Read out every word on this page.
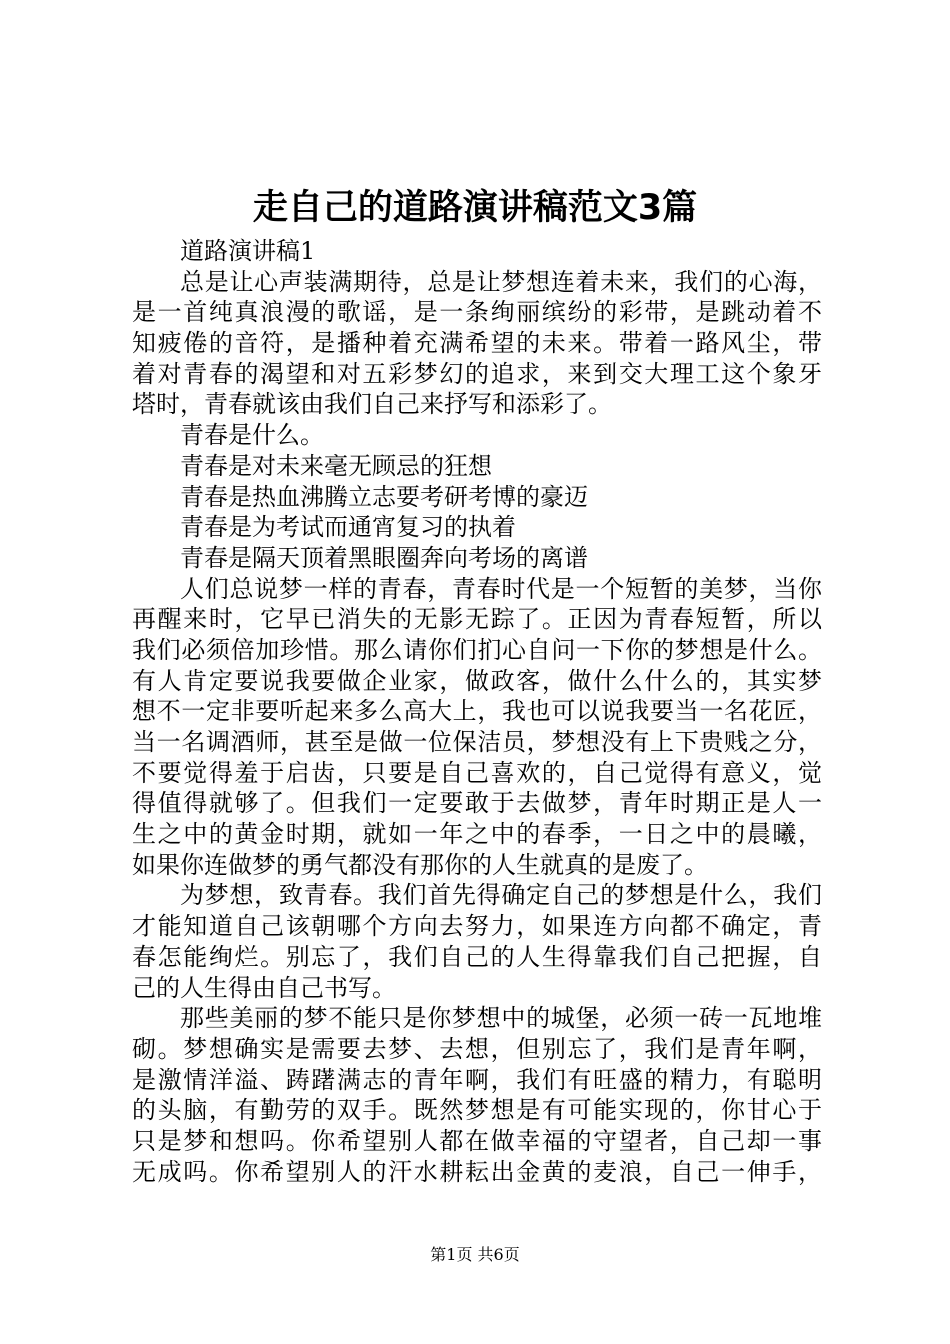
走自己的道路演讲稿范文3篇

道路演讲稿1

总是让心声装满期待，总是让梦想连着未来，我们的心海，

是一首纯真浪漫的歌谣，是一条绚丽缤纷的彩带，是跳动着不

知疲倦的音符，是播种着充满希望的未来。带着一路风尘，带

着对青春的渴望和对五彩梦幻的追求，来到交大理工这个象牙

塔时，青春就该由我们自己来抒写和添彩了。

青春是什么。

青春是对未来毫无顾忌的狂想

青春是热血沸腾立志要考研考博的豪迈

青春是为考试而通宵复习的执着

青春是隔天顶着黑眼圈奔向考场的离谱

人们总说梦一样的青春，青春时代是一个短暂的美梦，当你

再醒来时，它早已消失的无影无踪了。正因为青春短暂，所以

我们必须倍加珍惜。那么请你们扪心自问一下你的梦想是什么。

有人肯定要说我要做企业家，做政客，做什么什么的，其实梦

想不一定非要听起来多么高大上，我也可以说我要当一名花匠，

当一名调酒师，甚至是做一位保洁员，梦想没有上下贵贱之分，

不要觉得羞于启齿，只要是自己喜欢的，自己觉得有意义，觉

得值得就够了。但我们一定要敢于去做梦，青年时期正是人一

生之中的黄金时期，就如一年之中的春季，一日之中的晨曦，

如果你连做梦的勇气都没有那你的人生就真的是废了。

为梦想，致青春。我们首先得确定自己的梦想是什么，我们

才能知道自己该朝哪个方向去努力，如果连方向都不确定，青

春怎能绚烂。别忘了，我们自己的人生得靠我们自己把握，自

己的人生得由自己书写。

那些美丽的梦不能只是你梦想中的城堡，必须一砖一瓦地堆

砌。梦想确实是需要去梦、去想，但别忘了，我们是青年啊，

是激情洋溢、踌躇满志的青年啊，我们有旺盛的精力，有聪明

的头脑，有勤劳的双手。既然梦想是有可能实现的，你甘心于

只是梦和想吗。你希望别人都在做幸福的守望者，自己却一事

无成吗。你希望别人的汗水耕耘出金黄的麦浪，自己一伸手，

第1页 共6页
